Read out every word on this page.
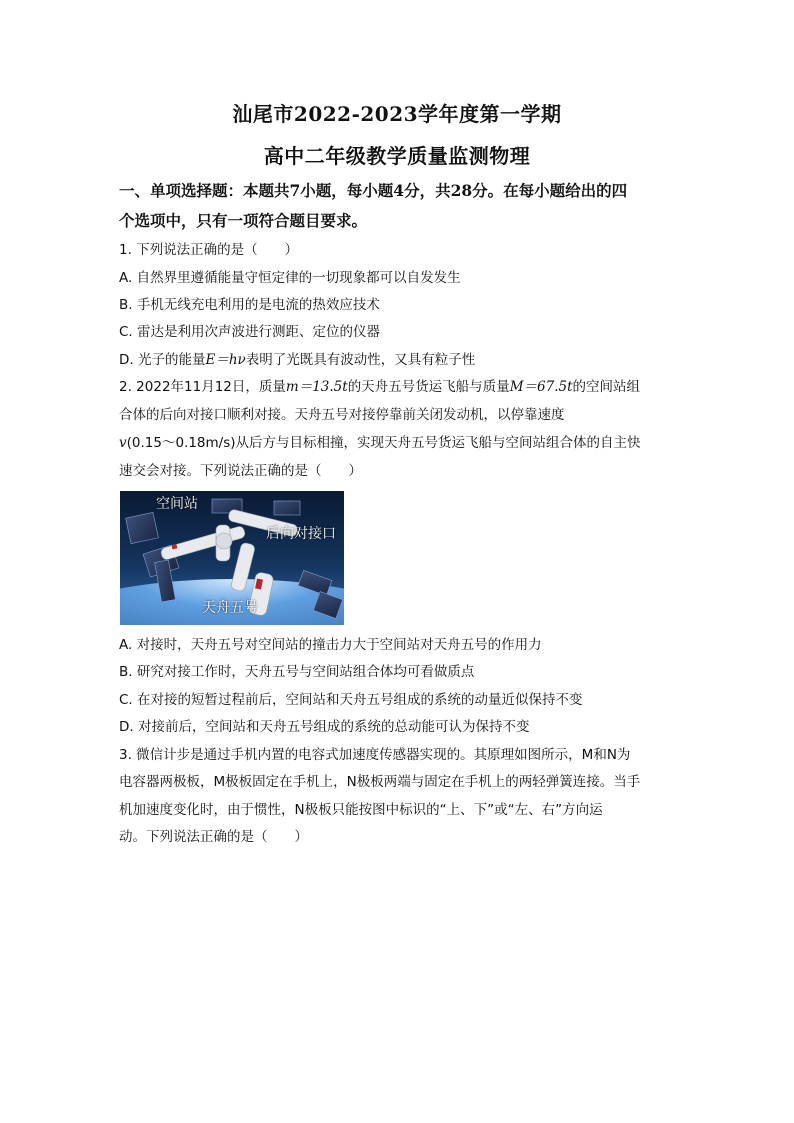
汕尾市2022-2023学年度第一学期
高中二年级教学质量监测物理
一、单项选择题：本题共7小题，每小题4分，共28分。在每小题给出的四
个选项中，只有一项符合题目要求。
1. 下列说法正确的是（　　）
A. 自然界里遵循能量守恒定律的一切现象都可以自发发生
B. 手机无线充电利用的是电流的热效应技术
C. 雷达是利用次声波进行测距、定位的仪器
D. 光子的能量E＝hν表明了光既具有波动性，又具有粒子性
2. 2022年11月12日，质量m＝13.5t的天舟五号货运飞船与质量M＝67.5t的空间站组
合体的后向对接口顺利对接。天舟五号对接停靠前关闭发动机，以停靠速度
v(0.15～0.18m/s)从后方与目标相撞，实现天舟五号货运飞船与空间站组合体的自主快
速交会对接。下列说法正确的是（　　）
空间站
后向对接口
天舟五号
A. 对接时，天舟五号对空间站的撞击力大于空间站对天舟五号的作用力
B. 研究对接工作时，天舟五号与空间站组合体均可看做质点
C. 在对接的短暂过程前后，空间站和天舟五号组成的系统的动量近似保持不变
D. 对接前后，空间站和天舟五号组成的系统的总动能可认为保持不变
3. 微信计步是通过手机内置的电容式加速度传感器实现的。其原理如图所示，M和N为
电容器两极板，M极板固定在手机上，N极板两端与固定在手机上的两轻弹簧连接。当手
机加速度变化时，由于惯性，N极板只能按图中标识的“上、下”或“左、右”方向运
动。下列说法正确的是（　　）
